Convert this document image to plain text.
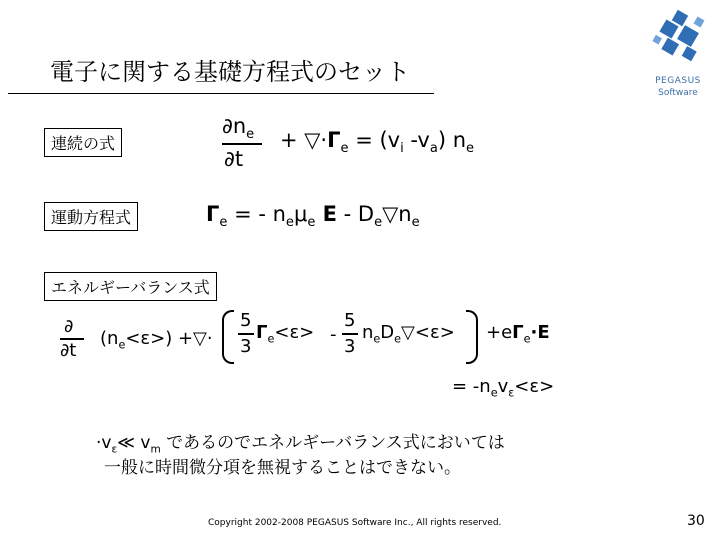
電子に関する基礎方程式のセット	PEGASUS
Software
連続の式
運動方程式
エネルギーバランス式
$\partial n_e$
∂t
+ $▽\cdot\Gamma_e = (v_i$ $-v_a$) $n_e$
$\Gamma_e$ = - $n_e\mu_e$ E - $D_e▽n_e$
∂
∂t
$(n_e<\varepsilon>)$ +▽·
5
3
$\Gamma_e<\varepsilon>$ -
5
3
$n_eD_e▽<\varepsilon> +e\Gamma_e\cdot E$
= $-n_ev_\varepsilon<\varepsilon>$
$\cdot v_\varepsilon≪$ $v_m$ であるのでエネルギーバランス式においては
一般に時間微分項を無視することはできない。
Copyright 2002-2008 PEGASUS Software Inc., All rights reserved.	30
